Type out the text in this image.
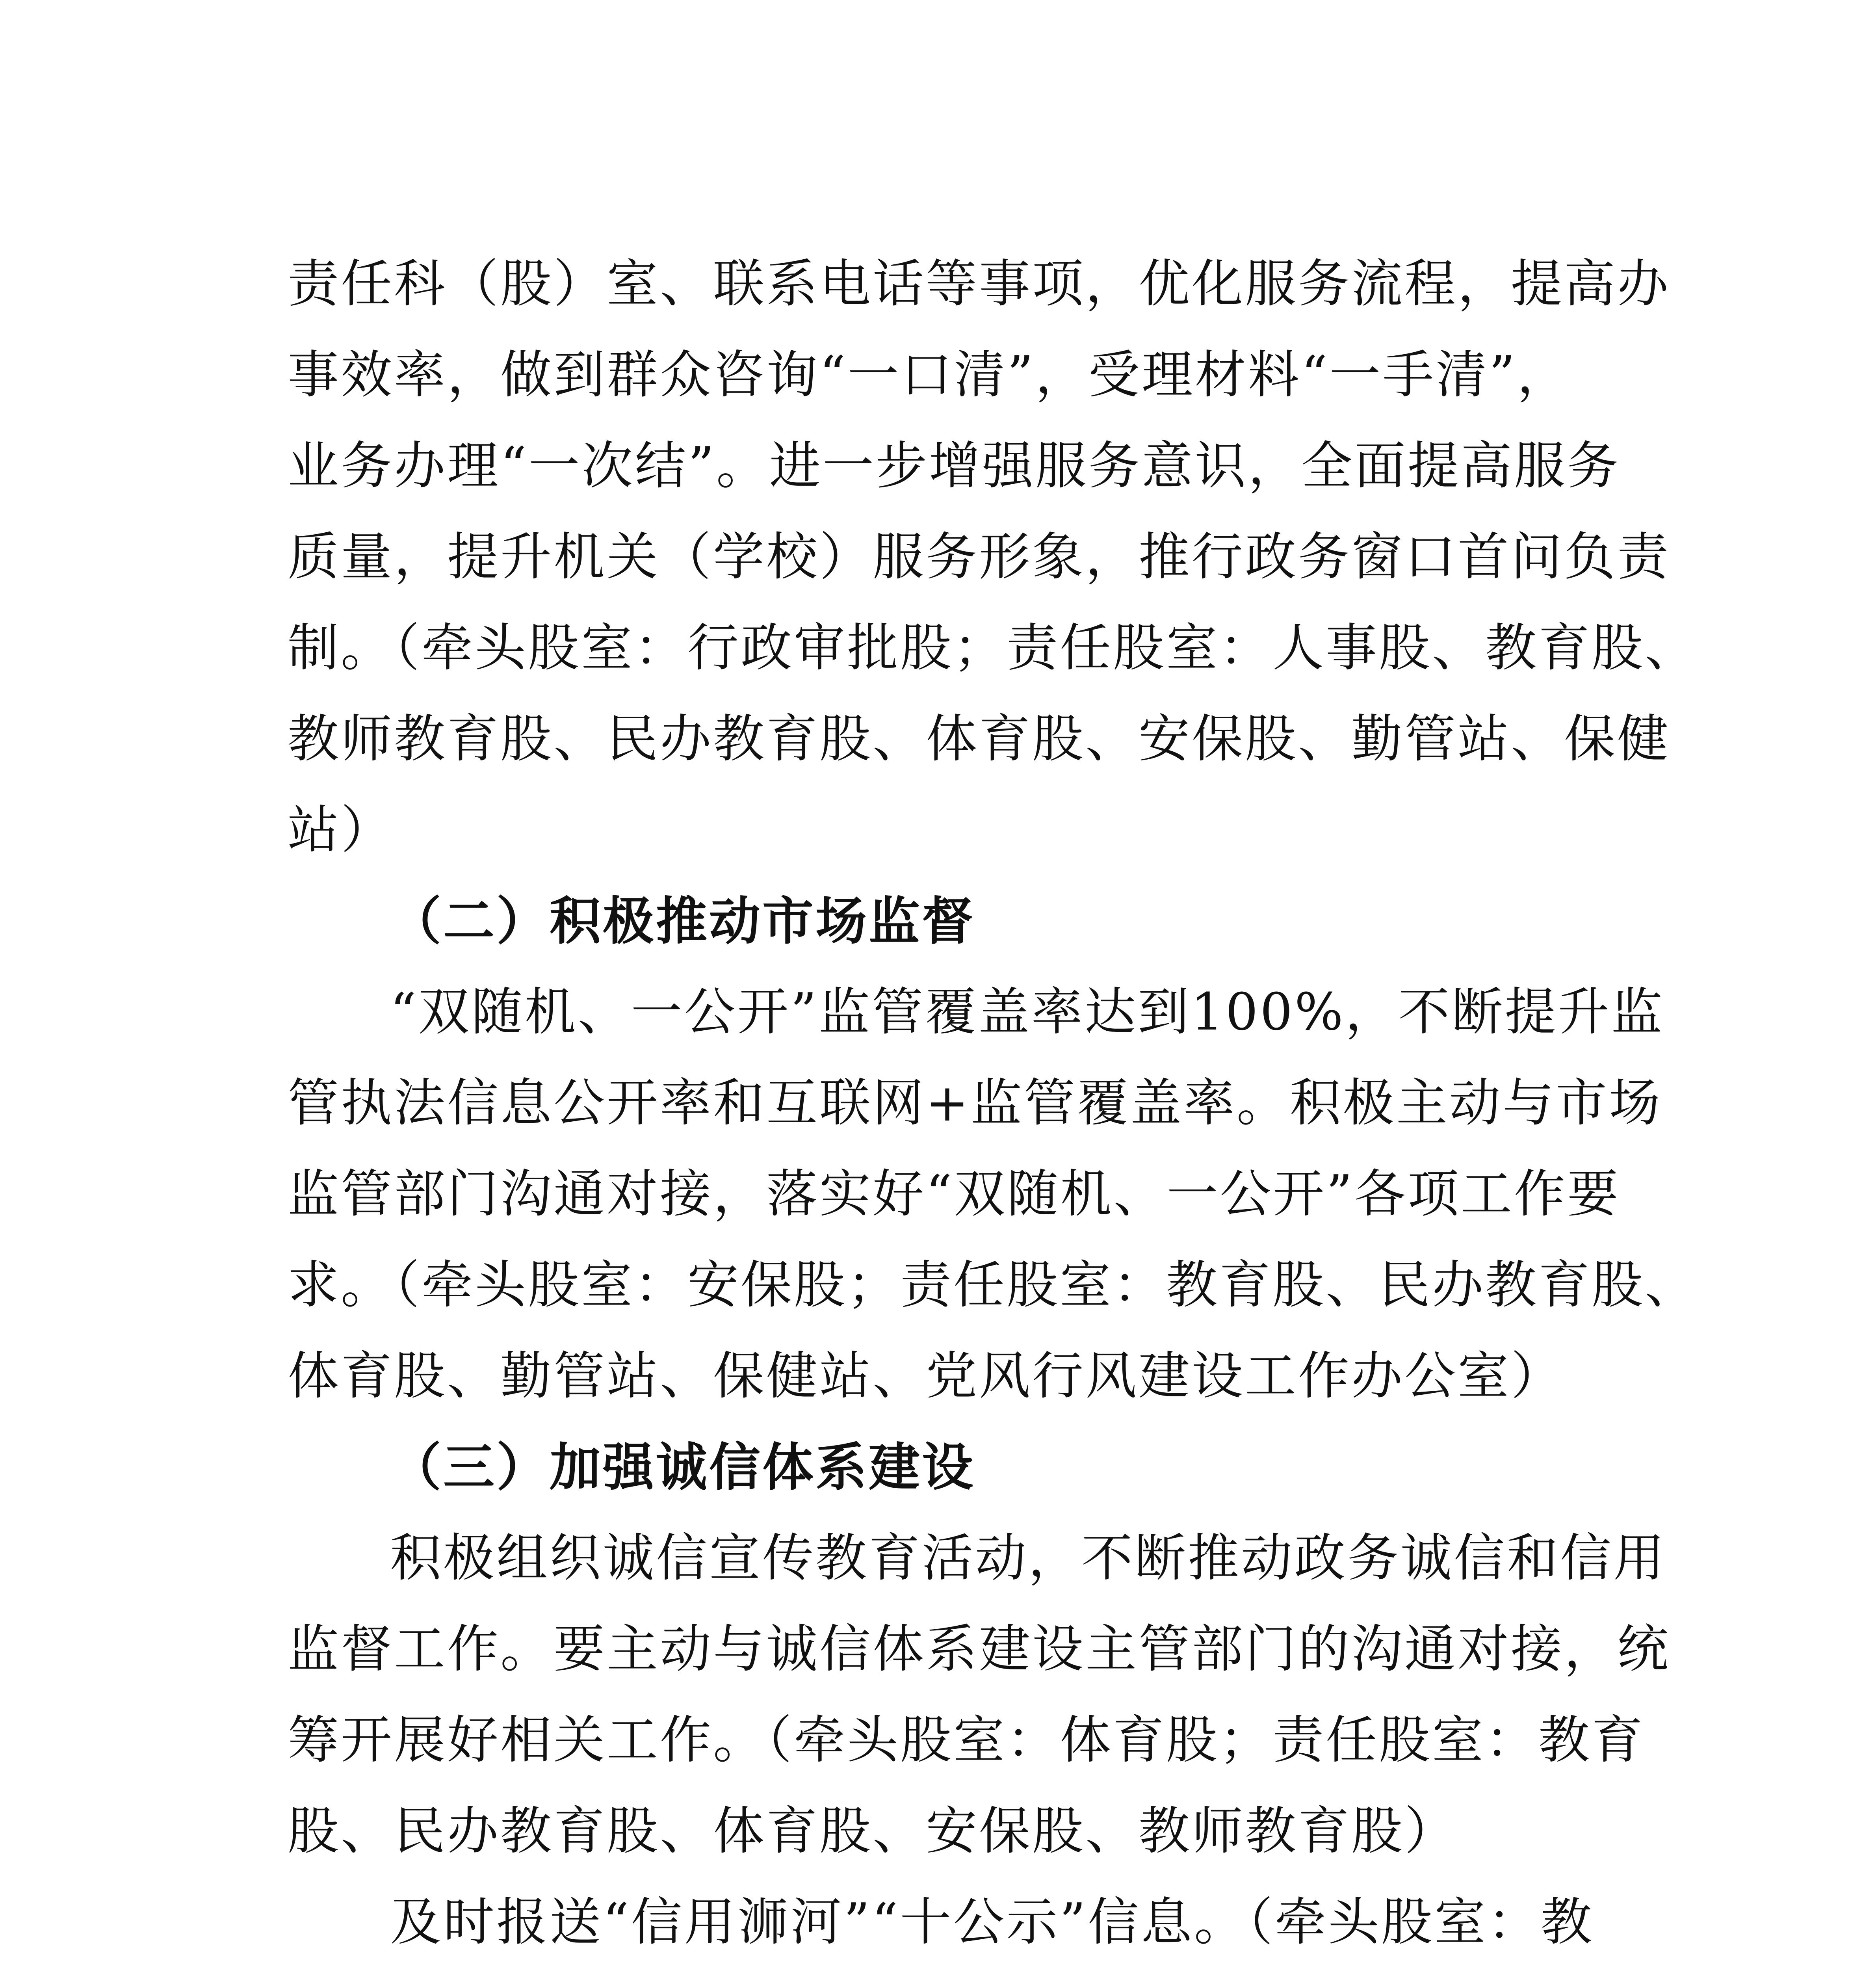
责任科（股）室、联系电话等事项，优化服务流程，提高办
事效率，做到群众咨询“一口清”，受理材料“一手清”，
业务办理“一次结”。进一步增强服务意识，全面提高服务
质量，提升机关（学校）服务形象，推行政务窗口首问负责
制。（牵头股室：行政审批股；责任股室：人事股、教育股、
教师教育股、民办教育股、体育股、安保股、勤管站、保健
站）
（二）积极推动市场监督
“双随机、一公开”监管覆盖率达到100%，不断提升监
管执法信息公开率和互联网+监管覆盖率。积极主动与市场
监管部门沟通对接，落实好“双随机、一公开”各项工作要
求。（牵头股室：安保股；责任股室：教育股、民办教育股、
体育股、勤管站、保健站、党风行风建设工作办公室）
（三）加强诚信体系建设
积极组织诚信宣传教育活动，不断推动政务诚信和信用
监督工作。要主动与诚信体系建设主管部门的沟通对接，统
筹开展好相关工作。（牵头股室：体育股；责任股室：教育
股、民办教育股、体育股、安保股、教师教育股）
及时报送“信用浉河”“十公示”信息。（牵头股室：教
